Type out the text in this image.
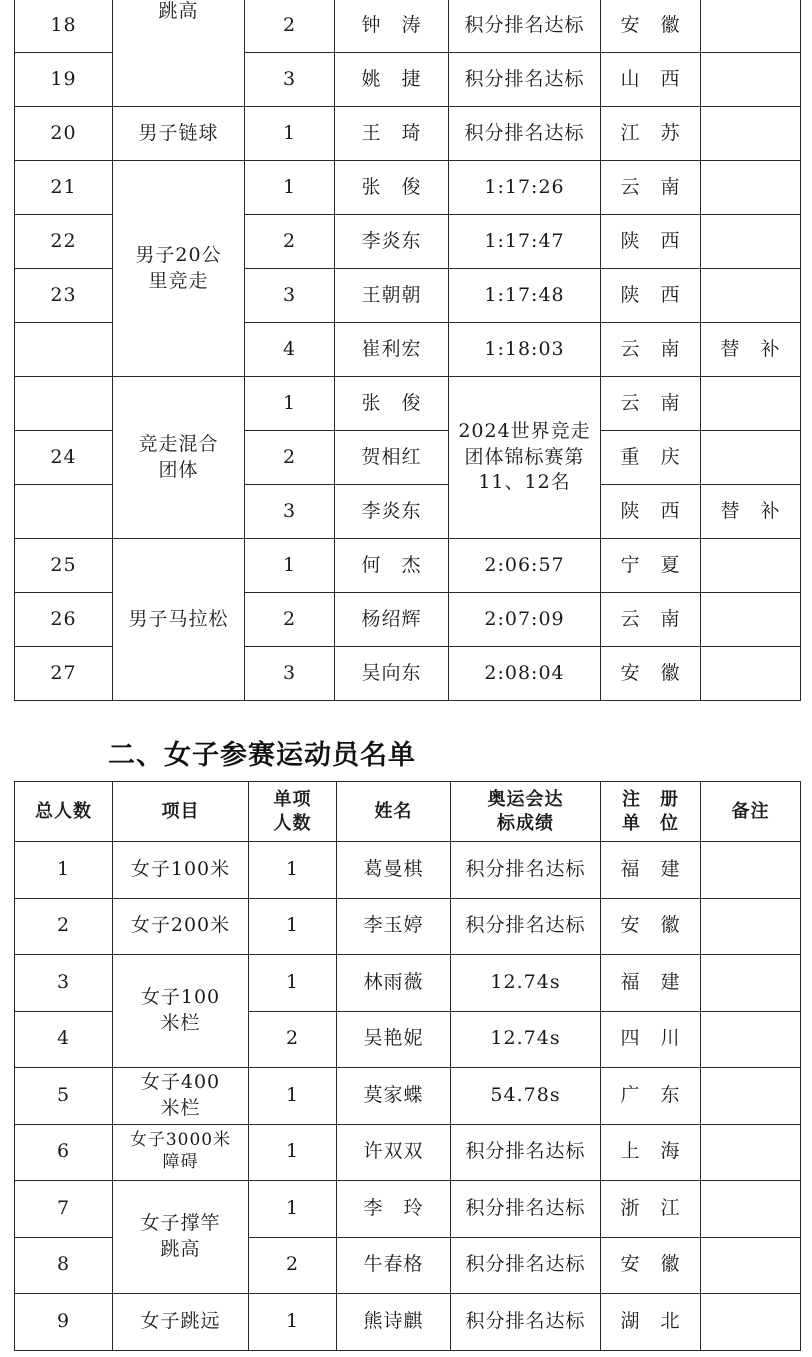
18	跳高	2	钟　涛	积分排名达标	安　徽	
19		3	姚　捷	积分排名达标	山　西	
20	男子链球	1	王　琦	积分排名达标	江　苏	
21	男子20公里竞走	1	张　俊	1:17:26	云　南	
22		2	李炎东	1:17:47	陕　西	
23		3	王朝朝	1:17:48	陕　西	
		4	崔利宏	1:18:03	云　南	替　补
	竞走混合团体	1	张　俊	2024世界竞走团体锦标赛第11、12名	云　南	
24		2	贺相红		重　庆	
		3	李炎东		陕　西	替　补
25	男子马拉松	1	何　杰	2:06:57	宁　夏	
26		2	杨绍辉	2:07:09	云　南	
27		3	吴向东	2:08:04	安　徽	
二、女子参赛运动员名单
总人数	项目	单项人数	姓名	奥运会达标成绩	注　册单　位	备注
1	女子100米	1	葛曼棋	积分排名达标	福　建	
2	女子200米	1	李玉婷	积分排名达标	安　徽	
3	女子100米栏	1	林雨薇	12.74s	福　建	
4		2	吴艳妮	12.74s	四　川	
5	女子400米栏	1	莫家蝶	54.78s	广　东	
6	女子3000米障碍	1	许双双	积分排名达标	上　海	
7	女子撑竿跳高	1	李　玲	积分排名达标	浙　江	
8		2	牛春格	积分排名达标	安　徽	
9	女子跳远	1	熊诗麒	积分排名达标	湖　北	
